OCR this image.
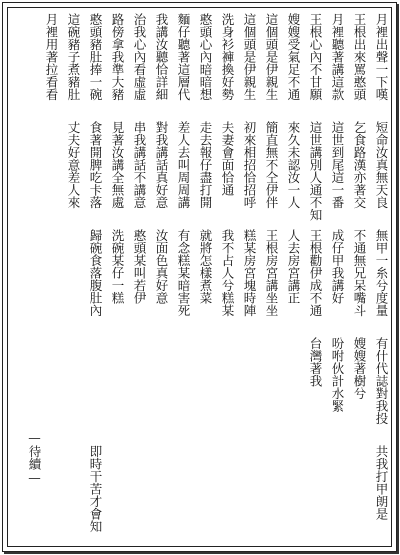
月裡出聲一下嘆
王根出來罵憨頭
月裡聽著講這款
王根心內不甘願
嫂嫂受氣足不通
這個頭是伊親生
這個頭是伊親生
洗身衫褲換好勢
憨頭心內暗暗想
麵仔聽著這層代
我講汝聽恰詳細
治我心內看虛虛
路傍拿我準大豬
憨頭豬肚捧一碗
這碗豬子煮豬肚
月裡用著拉看看
短命汝真無天良
乞食路漢亦著交
這世到尾這一番
這世講別人通不知
來久未認汝一人
簡直無不仝伊伴
初來相招恰招呼
夫妻會面恰通
走去報仔盡打開
差人去叫周周講
對我講話真好意
串我講話不講意
見著汝講全無處
食著開脾吃卡落
丈夫好意差人來
無甲一糸兮度量
不通無兄呆嘴斗
成仔甲我講好
王根勸伊成不通
人去房宮講正
王根房宮講坐坐
糕某房宮塊時陣
我不占人兮糕某
就將怎樣煮菜
有念糕某暗害死
汝面色真好意
憨頭某叫若伊
洗碗某仔一糕
歸碗食落腹肚內
有什代誌對我投
嫂嫂著樹兮
吩咐伙計水緊
台灣著我
共我打甲朗是
即時干苦才會知
—待續—
